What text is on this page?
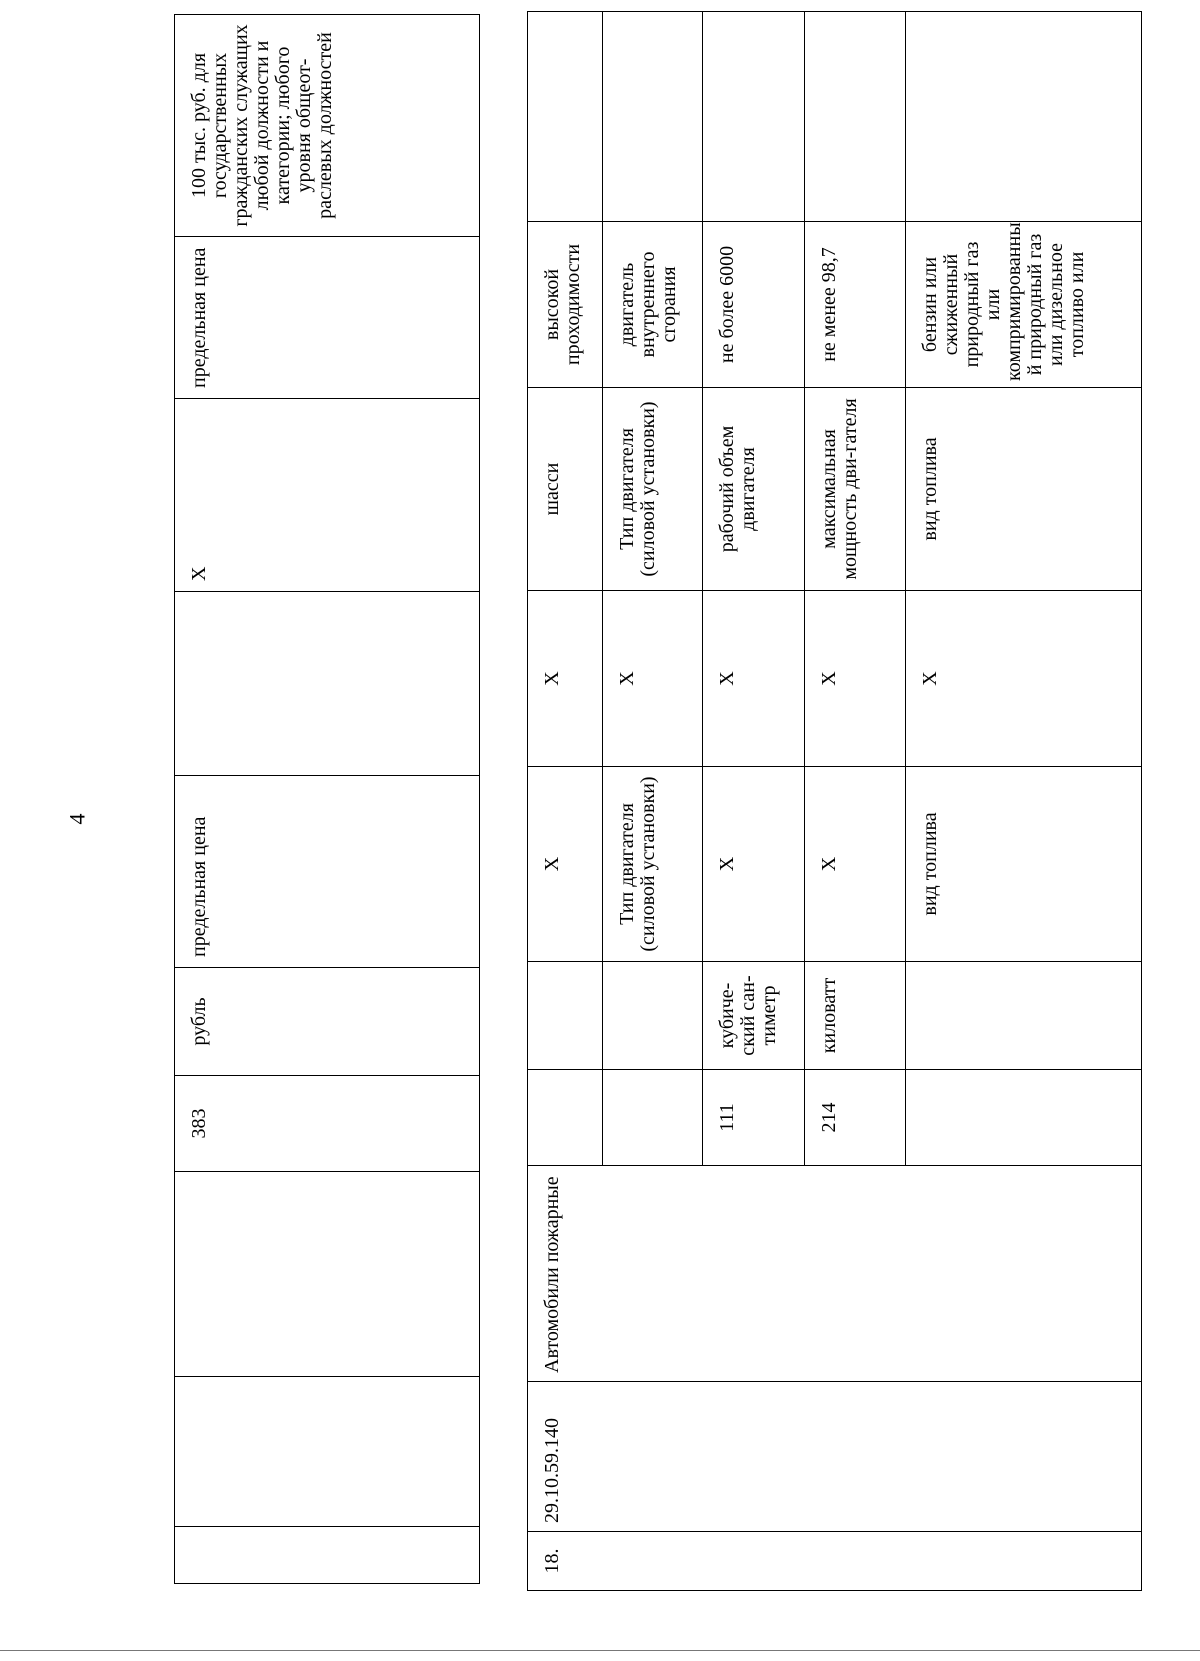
4
			383	рубль	предельная цена		X	предельная цена	100 тыс. руб. для государственных гражданских служащих любой должности и категории; любого уровня общеот-раслевых должностей
18.	29.10.59.140	Автомобили пожарные			X	X	шасси	высокой проходимости	
					Тип двигателя (силовой установки)	X	Тип двигателя (силовой установки)	двигатель внутреннего сгорания	
			111	кубиче-ский сан-тиметр	X	X	рабочий объем двигателя	не более 6000	
			214	киловатт	X	X	максимальная мощность дви-гателя	не менее 98,7	
					вид топлива	X	вид топлива	бензин или сжиженный природный газ или компримированны й природный газ или дизельное топливо или	
